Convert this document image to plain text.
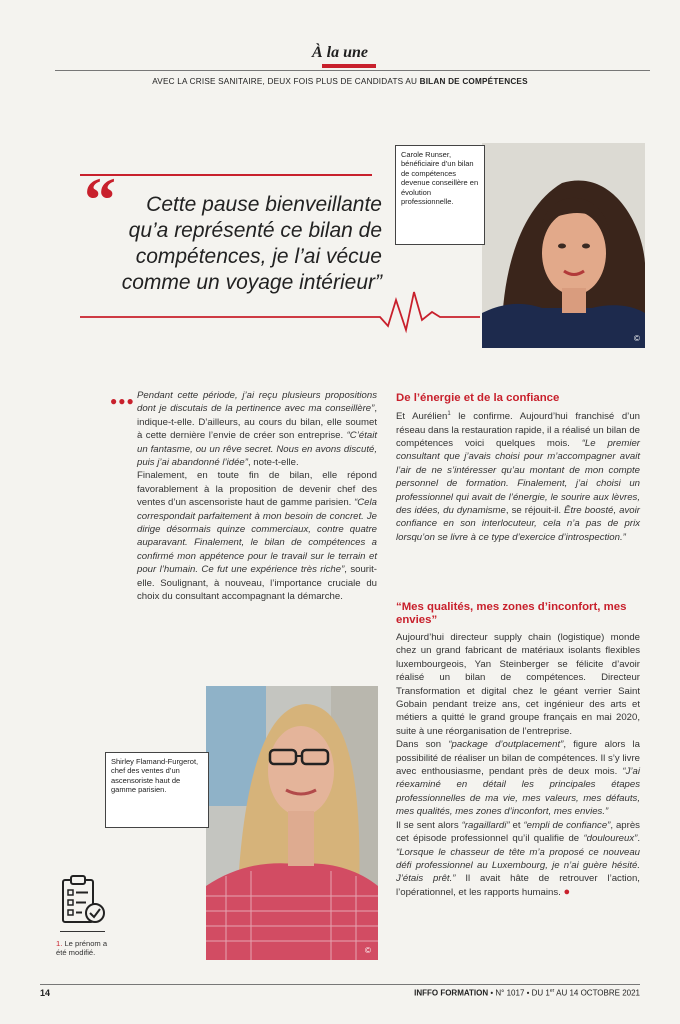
À la une
AVEC LA CRISE SANITAIRE, DEUX FOIS PLUS DE CANDIDATS AU BILAN DE COMPÉTENCES
“	Cette pause bienveillante
qu’a représenté ce bilan de
compétences, je l’ai vécue
comme un voyage intérieur”
©
Carole Runser, bénéficiaire d’un bilan de compétences devenue conseillère en évolution professionnelle.
●●● Pendant cette période, j’ai reçu plusieurs propositions dont je discutais de la pertinence avec ma conseillère”, indique-t-elle. D’ailleurs, au cours du bilan, elle soumet à cette dernière l’envie de créer son entreprise. “C’était un fantasme, ou un rêve secret. Nous en avons discuté, puis j’ai abandonné l’idée”, note-t-elle.

Finalement, en toute fin de bilan, elle répond favorablement à la proposition de devenir chef des ventes d’un ascensoriste haut de gamme parisien. “Cela correspondait parfaitement à mon besoin de concret. Je dirige désormais quinze commerciaux, contre quatre auparavant. Finalement, le bilan de compétences a confirmé mon appétence pour le travail sur le terrain et pour l’humain. Ce fut une expérience très riche”, sourit-elle. Soulignant, à nouveau, l’importance cruciale du choix du consultant accompagnant la démarche.

De l’énergie et de la confiance

Et Aurélien$^1$ le confirme. Aujourd’hui franchisé d’un réseau dans la restauration rapide, il a réalisé un bilan de compétences voici quelques mois. “Le premier consultant que j’avais choisi pour m’accompagner avait l’air de ne s’intéresser qu’au montant de mon compte personnel de formation. Finalement, j’ai choisi un professionnel qui avait de l’énergie, le sourire aux lèvres, des idées, du dynamisme, se réjouit-il. Être boosté, avoir confiance en son interlocuteur, cela n’a pas de prix lorsqu’on se livre à ce type d’exercice d’introspection.”

“Mes qualités, mes zones d’inconfort, mes envies”

Aujourd’hui directeur supply chain (logistique) monde chez un grand fabricant de matériaux isolants flexibles luxembourgeois, Yan Steinberger se félicite d’avoir réalisé un bilan de compétences. Directeur Transformation et digital chez le géant verrier Saint Gobain pendant treize ans, cet ingénieur des arts et métiers a quitté le grand groupe français en mai 2020, suite à une réorganisation de l’entreprise.

Dans son “package d’outplacement”, figure alors la possibilité de réaliser un bilan de compétences. Il s’y livre avec enthousiasme, pendant près de deux mois. “J’ai réexaminé en détail les principales étapes professionnelles de ma vie, mes valeurs, mes défauts, mes qualités, mes zones d’inconfort, mes envies.”

Il se sent alors “ragaillardi” et “empli de confiance”, après cet épisode professionnel qu’il qualifie de “douloureux”. “Lorsque le chasseur de tête m’a proposé ce nouveau défi professionnel au Luxembourg, je n’ai guère hésité. J’étais prêt.” Il avait hâte de retrouver l’action, l’opérationnel, et les rapports humains. ●

©
Shirley Flamand-Furgerot, chef des ventes d’un ascensoriste haut de gamme parisien.
1. Le prénom a été modifié.
14	INFFO FORMATION • N° 1017 • DU 1er AU 14 OCTOBRE 2021
